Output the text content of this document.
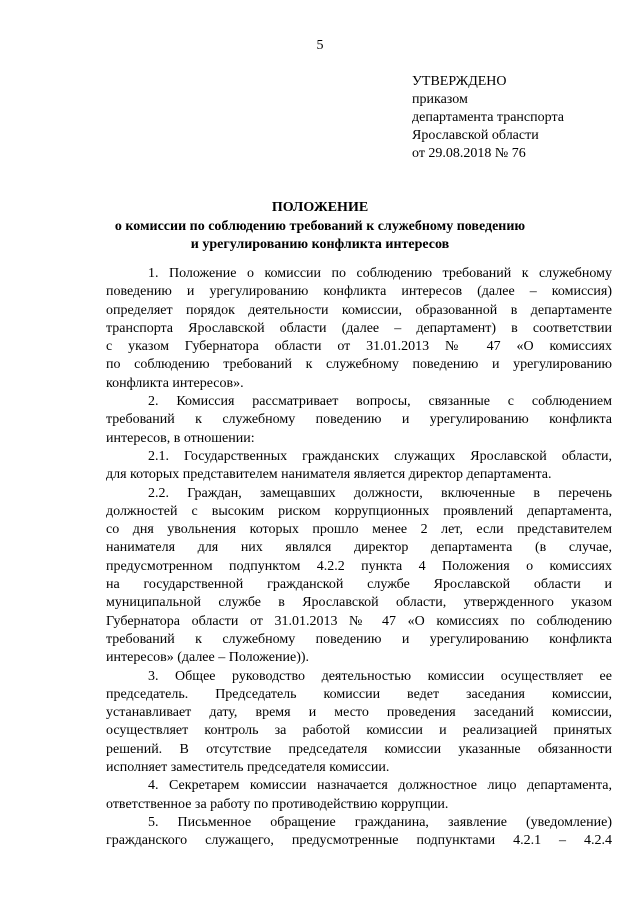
5
УТВЕРЖДЕНО
приказом
департамента транспорта
Ярославской области
от 29.08.2018 № 76
ПОЛОЖЕНИЕ
о комиссии по соблюдению требований к служебному поведению
и урегулированию конфликта интересов
1. Положение о комиссии по соблюдению требований к служебному
поведению и урегулированию конфликта интересов (далее – комиссия)
определяет порядок деятельности комиссии, образованной в департаменте
транспорта Ярославской области (далее – департамент) в соответствии
с указом Губернатора области от 31.01.2013 № 47 «О комиссиях
по соблюдению требований к служебному поведению и урегулированию
конфликта интересов».
2. Комиссия рассматривает вопросы, связанные с соблюдением
требований к служебному поведению и урегулированию конфликта
интересов, в отношении:
2.1. Государственных гражданских служащих Ярославской области,
для которых представителем нанимателя является директор департамента.
2.2. Граждан, замещавших должности, включенные в перечень
должностей с высоким риском коррупционных проявлений департамента,
со дня увольнения которых прошло менее 2 лет, если представителем
нанимателя для них являлся директор департамента (в случае,
предусмотренном подпунктом 4.2.2 пункта 4 Положения о комиссиях
на государственной гражданской службе Ярославской области и
муниципальной службе в Ярославской области, утвержденного указом
Губернатора области от 31.01.2013 № 47 «О комиссиях по соблюдению
требований к служебному поведению и урегулированию конфликта
интересов» (далее – Положение)).
3. Общее руководство деятельностью комиссии осуществляет ее
председатель. Председатель комиссии ведет заседания комиссии,
устанавливает дату, время и место проведения заседаний комиссии,
осуществляет контроль за работой комиссии и реализацией принятых
решений. В отсутствие председателя комиссии указанные обязанности
исполняет заместитель председателя комиссии.
4. Секретарем комиссии назначается должностное лицо департамента,
ответственное за работу по противодействию коррупции.
5. Письменное обращение гражданина, заявление (уведомление)
гражданского служащего, предусмотренные подпунктами 4.2.1 – 4.2.4
